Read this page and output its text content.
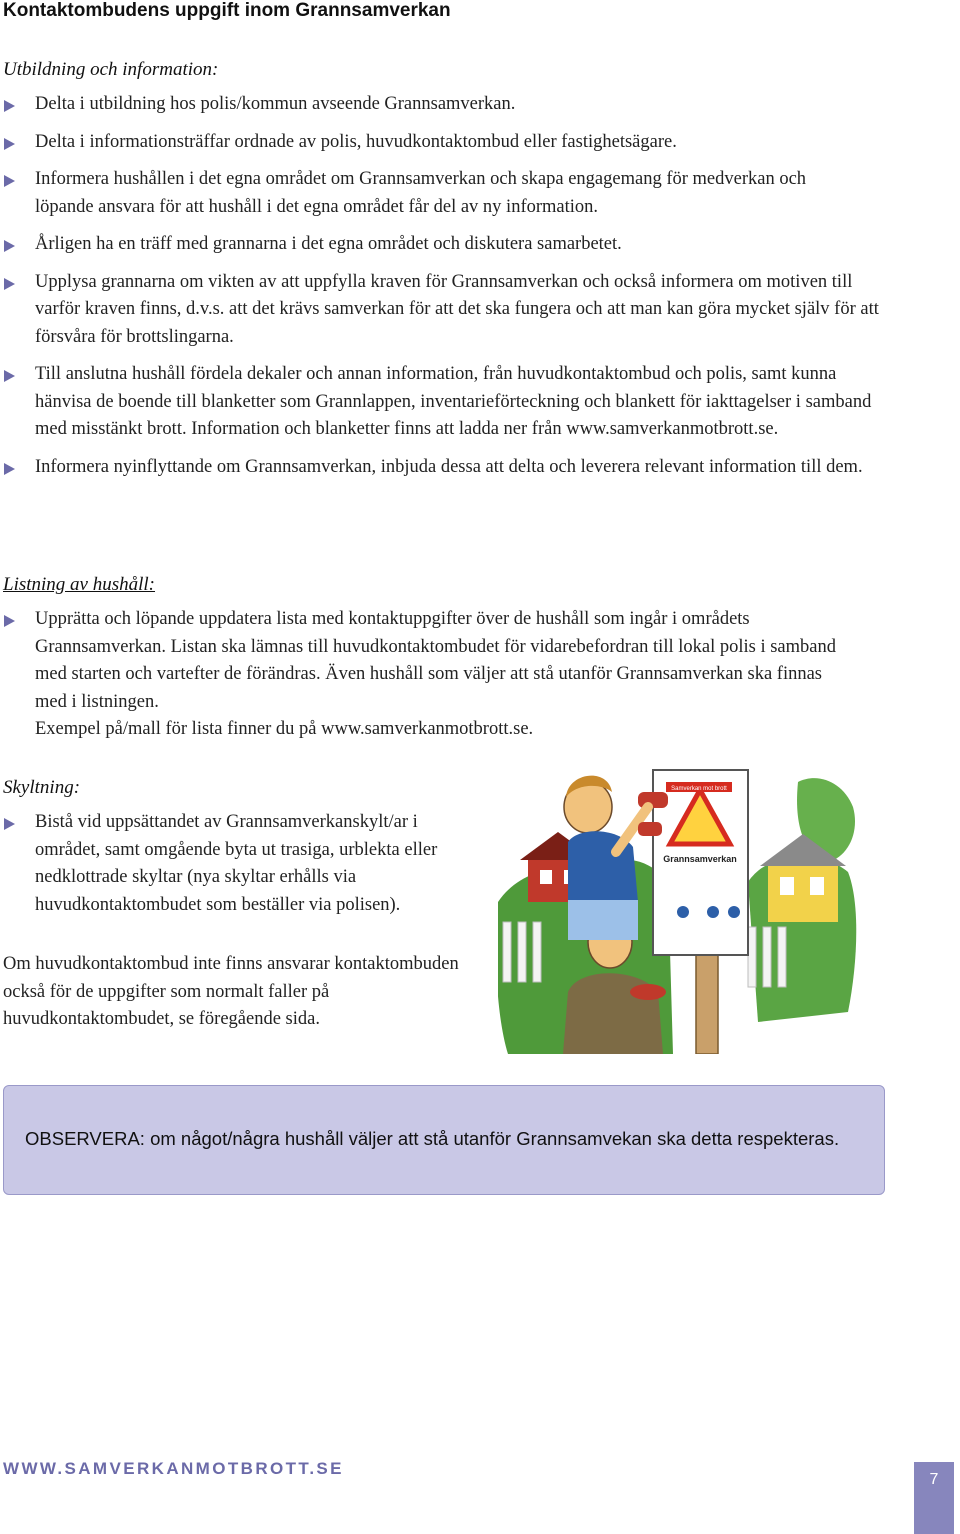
Kontaktombudens uppgift inom Grannsamverkan
Utbildning och information:
Delta i utbildning hos polis/kommun avseende Grannsamverkan.
Delta i informationsträffar ordnade av polis, huvudkontaktombud eller fastighetsägare.
Informera hushållen i det egna området om Grannsamverkan och skapa engagemang för medverkan och löpande ansvara för att hushåll i det egna området får del av ny information.
Årligen ha en träff med grannarna i det egna området och diskutera samarbetet.
Upplysa grannarna om vikten av att uppfylla kraven för Grannsamverkan och också informera om motiven till varför kraven finns, d.v.s. att det krävs samverkan för att det ska fungera och att man kan göra mycket själv för att försvåra för brottslingarna.
Till anslutna hushåll fördela dekaler och annan information, från huvudkontaktombud och polis, samt kunna hänvisa de boende till blanketter som Grannlappen, inventarieförteckning och blankett för iakttagelser i samband med misstänkt brott. Information och blanketter finns att ladda ner från www.samverkanmotbrott.se.
Informera nyinflyttande om Grannsamverkan, inbjuda dessa att delta och leverera relevant information till dem.
Listning av hushåll:
Upprätta och löpande uppdatera lista med kontaktuppgifter över de hushåll som ingår i områdets Grannsamverkan. Listan ska lämnas till huvudkontaktombudet för vidarebefordran till lokal polis i samband med starten och vartefter de förändras. Även hushåll som väljer att stå utanför Grannsamverkan ska finnas med i listningen.
Exempel på/mall för lista finner du på www.samverkanmotbrott.se.
Skyltning:
Bistå vid uppsättandet av Grannsamverkanskylt/ar i området, samt omgående byta ut trasiga, urblekta eller nedklottrade skyltar (nya skyltar erhålls via huvudkontaktombudet som beställer via polisen).
Om huvudkontaktombud inte finns ansvarar kontaktombuden också för de uppgifter som normalt faller på huvudkontaktombudet, se föregående sida.
Grannsamverkan
Samverkan mot brott
OBSERVERA: om något/några hushåll väljer att stå utanför Grannsamvekan ska detta respekteras.
WWW.SAMVERKANMOTBROTT.SE
7
